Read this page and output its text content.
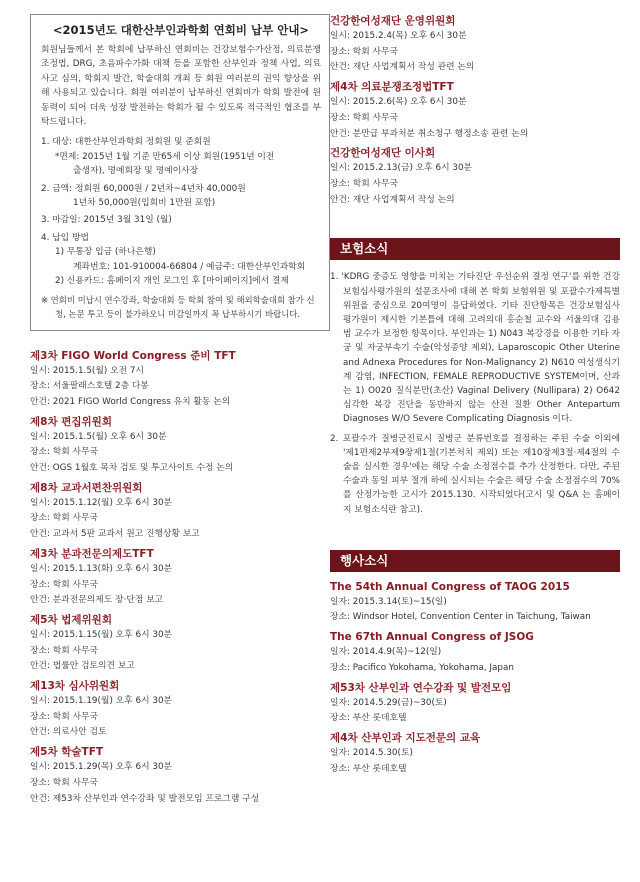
<2015년도 대한산부인과학회 연회비 납부 안내>

회원님들께서 본 학회에 납부하신 연회비는 건강보험수가산정, 의료분쟁조정법, DRG, 초음파수가화 대책 등을 포함한 산부인과 정책 사업, 의료사고 심의, 학회지 발간, 학술대회 개최 등 회원 여러분의 권익 향상을 위해 사용되고 있습니다. 회원 여러분이 납부하신 연회비가 학회 발전에 원동력이 되어 더욱 성장 발전하는 학회가 될 수 있도록 적극적인 협조를 부탁드립니다.

1. 대상: 대한산부인과학회 정회원 및 준회원
*면제: 2015년 1월 기준 만65세 이상 회원(1951년 이전
출생자), 명예회장 및 명예이사장
2. 금액: 정회원 60,000원 / 2년차~4년차 40,000원
1년차 50,000원(입회비 1만원 포함)
3. 마감일: 2015년 3월 31일 (월)
4. 납입 방법
1) 무통장 입금 (하나은행)
계좌번호: 101-910004-66804 / 예금주: 대한산부인과학회
2) 신용카드: 홈페이지 개인 로그인 후 [마이페이지]에서 결제
※ 연회비 미납시 연수강좌, 학술대회 등 학회 참여 및 해외학술대회 참가 신청, 논문 투고 등이 불가하오니 미감일까지 꼭 납부하시기 바랍니다.
제3차 FIGO World Congress 준비 TFT
일시: 2015.1.5(월) 오전 7시
장소: 서울팔래스호텔 2층 다봉
안건: 2021 FIGO World Congress 유치 활동 논의
제8차 편집위원회
일시: 2015.1.5(월) 오후 6시 30분
장소: 학회 사무국
안건: OGS 1월호 목차 검토 및 투고사이트 수정 논의
제8차 교과서편찬위원회
일시: 2015.1.12(월) 오후 6시 30분
장소: 학회 사무국
안건: 교과서 5판 교과서 원고 진행상황 보고
제3차 분과전문의제도TFT
일시: 2015.1.13(화) 오후 6시 30분
장소: 학회 사무국
안건: 분과전문의제도 장·단점 보고
제5차 법제위원회
일시: 2015.1.15(월) 오후 6시 30분
장소: 학회 사무국
안건: 법률안 검토의견 보고
제13차 심사위원회
일시: 2015.1.19(월) 오후 6시 30분
장소: 학회 사무국
안건: 의료사안 검토
제5차 학술TFT
일시: 2015.1.29(목) 오후 6시 30분
장소: 학회 사무국
안건: 제53차 산부인과 연수강좌 및 발전모임 프로그램 구성
건강한여성재단 운영위원회
일시: 2015.2.4(목) 오후 6시 30분
장소: 학회 사무국
안건: 재단 사업계획서 작성 관련 논의
제4차 의료분쟁조정법TFT
일시: 2015.2.6(목) 오후 6시 30분
장소: 학회 사무국
안건: 분만급 부과처분 취소청구 행정소송 관련 논의
건강한여성재단 이사회
일시: 2015.2.13(금) 오후 6시 30분
장소: 학회 사무국
안건: 재단 사업계획서 작성 논의
보험소식

1. 'KDRG 중증도 영향을 미치는 기타진단 우선순위 결정 연구'를 위한 건강보험심사평가원의 설문조사에 대해 본 학회 보험위원 및 포괄수가제특별위원을 중심으로 20여명이 응답하였다. 기타 진단항목은 건강보험심사평가원이 제시한 기본틀에 대해 고려의대 홍순철 교수와 서울의대 김용범 교수가 보정한 항목이다. 부인과는 1) N043 복강경을 이용한 기타 자궁 및 자궁부속기 수술(악성종양 제외), Laparoscopic Other Uterine and Adnexa Procedures for Non-Malignancy 2) N610 여성생식기계 감염, INFECTION, FEMALE REPRODUCTIVE SYSTEM이며, 산과는 1) O020 질식분만(초산) Vaginal Delivery (Nullipara) 2) O642 심각한 복강 진단을 동반하지 않는 산전 질환 Other Antepartum Diagnoses W/O Severe Complicating Diagnosis 이다.

2. 포괄수가 질병군진료시 질병군 분류번호를 결정하는 주된 수술 이외에 '제1편제2부제9장제1절(기본처치 제외) 또는 제10장제3절·제4절의 수술을 실시한 경우'에는 해당 수술 소정점수를 추가 산정한다. 다만, 주된 수술과 동일 피부 절개 하에 실시되는 수술은 해당 수술 소정점수의 70%를 산정가능한 고시가 2015.130. 시작되었다(고시 및 Q&A 는 홈페이지 보험소식란 참고).

행사소식
The 54th Annual Congress of TAOG 2015
일자: 2015.3.14(토)~15(일)
장소: Windsor Hotel, Convention Center in Taichung, Taiwan
The 67th Annual Congress of JSOG
일자: 2014.4.9(목)~12(일)
장소: Pacifico Yokohama, Yokohama, Japan
제53차 산부인과 연수강좌 및 발전모임
일자: 2014.5.29(금)~30(토)
장소: 부산 롯데호텔
제4차 산부인과 지도전문의 교육
일자: 2014.5.30(토)
장소: 부산 롯데호텔
